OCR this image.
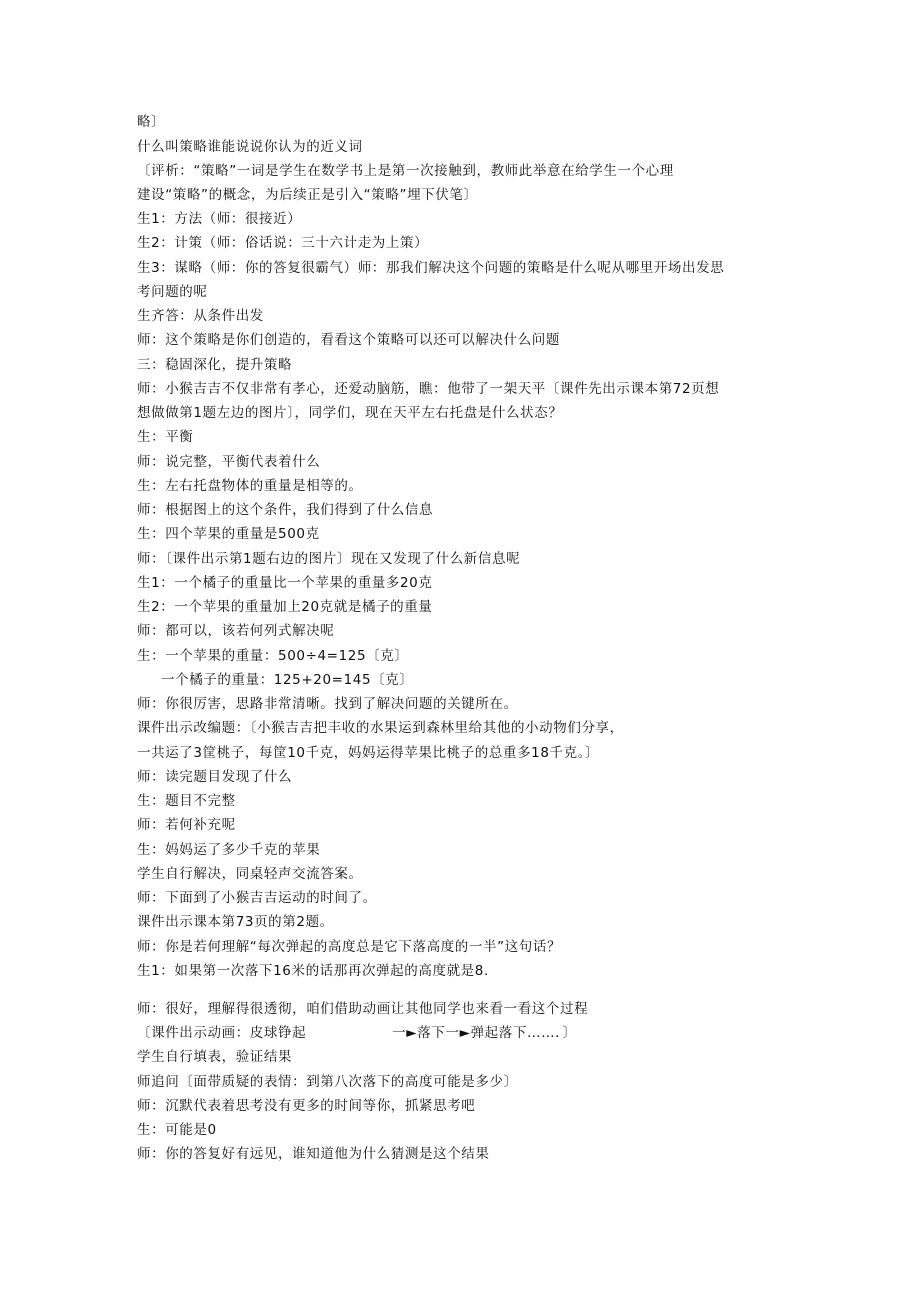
略〕
什么叫策略谁能说说你认为的近义词
〔评析：“策略”一词是学生在数学书上是第一次接触到，教师此举意在给学生一个心理
建设“策略”的概念，为后续正是引入“策略”埋下伏笔〕
生1：方法（师：很接近）
生2：计策（师：俗话说：三十六计走为上策）
生3：谋略（师：你的答复很霸气）师：那我们解决这个问题的策略是什么呢从哪里开场出发思
考问题的呢
生齐答：从条件出发
师：这个策略是你们创造的，看看这个策略可以还可以解决什么问题
三：稳固深化，提升策略
师：小猴吉吉不仅非常有孝心，还爱动脑筋，瞧：他带了一架天平〔课件先出示课本第72页想
想做做第1题左边的图片〕，同学们，现在天平左右托盘是什么状态？
生：平衡
师：说完整，平衡代表着什么
生：左右托盘物体的重量是相等的。
师：根据图上的这个条件，我们得到了什么信息
生：四个苹果的重量是500克
师：〔课件出示第1题右边的图片〕现在又发现了什么新信息呢
生1：一个橘子的重量比一个苹果的重量多20克
生2：一个苹果的重量加上20克就是橘子的重量
师：都可以，该若何列式解决呢
生：一个苹果的重量：500÷4=125〔克〕
一个橘子的重量：125+20=145〔克〕
师：你很厉害，思路非常清晰。找到了解决问题的关键所在。
课件出示改编题：〔小猴吉吉把丰收的水果运到森林里给其他的小动物们分享，
一共运了3筐桃子，每筐10千克，妈妈运得苹果比桃子的总重多18千克。〕
师：读完题目发现了什么
生：题目不完整
师：若何补充呢
生：妈妈运了多少千克的苹果
学生自行解决，同桌轻声交流答案。
师：下面到了小猴吉吉运动的时间了。
课件出示课本第73页的第2题。
师：你是若何理解“每次弹起的高度总是它下落高度的一半”这句话？
生1：如果第一次落下16米的话那再次弹起的高度就是8.
师：很好，理解得很透彻，咱们借助动画让其他同学也来看一看这个过程
〔课件出示动画：皮球铮起	一►落下一►弹起落下……．〕
学生自行填表，验证结果
师追问〔面带质疑的表情：到第八次落下的高度可能是多少〕
师：沉默代表着思考没有更多的时间等你，抓紧思考吧
生：可能是0
师：你的答复好有远见，谁知道他为什么猜测是这个结果
